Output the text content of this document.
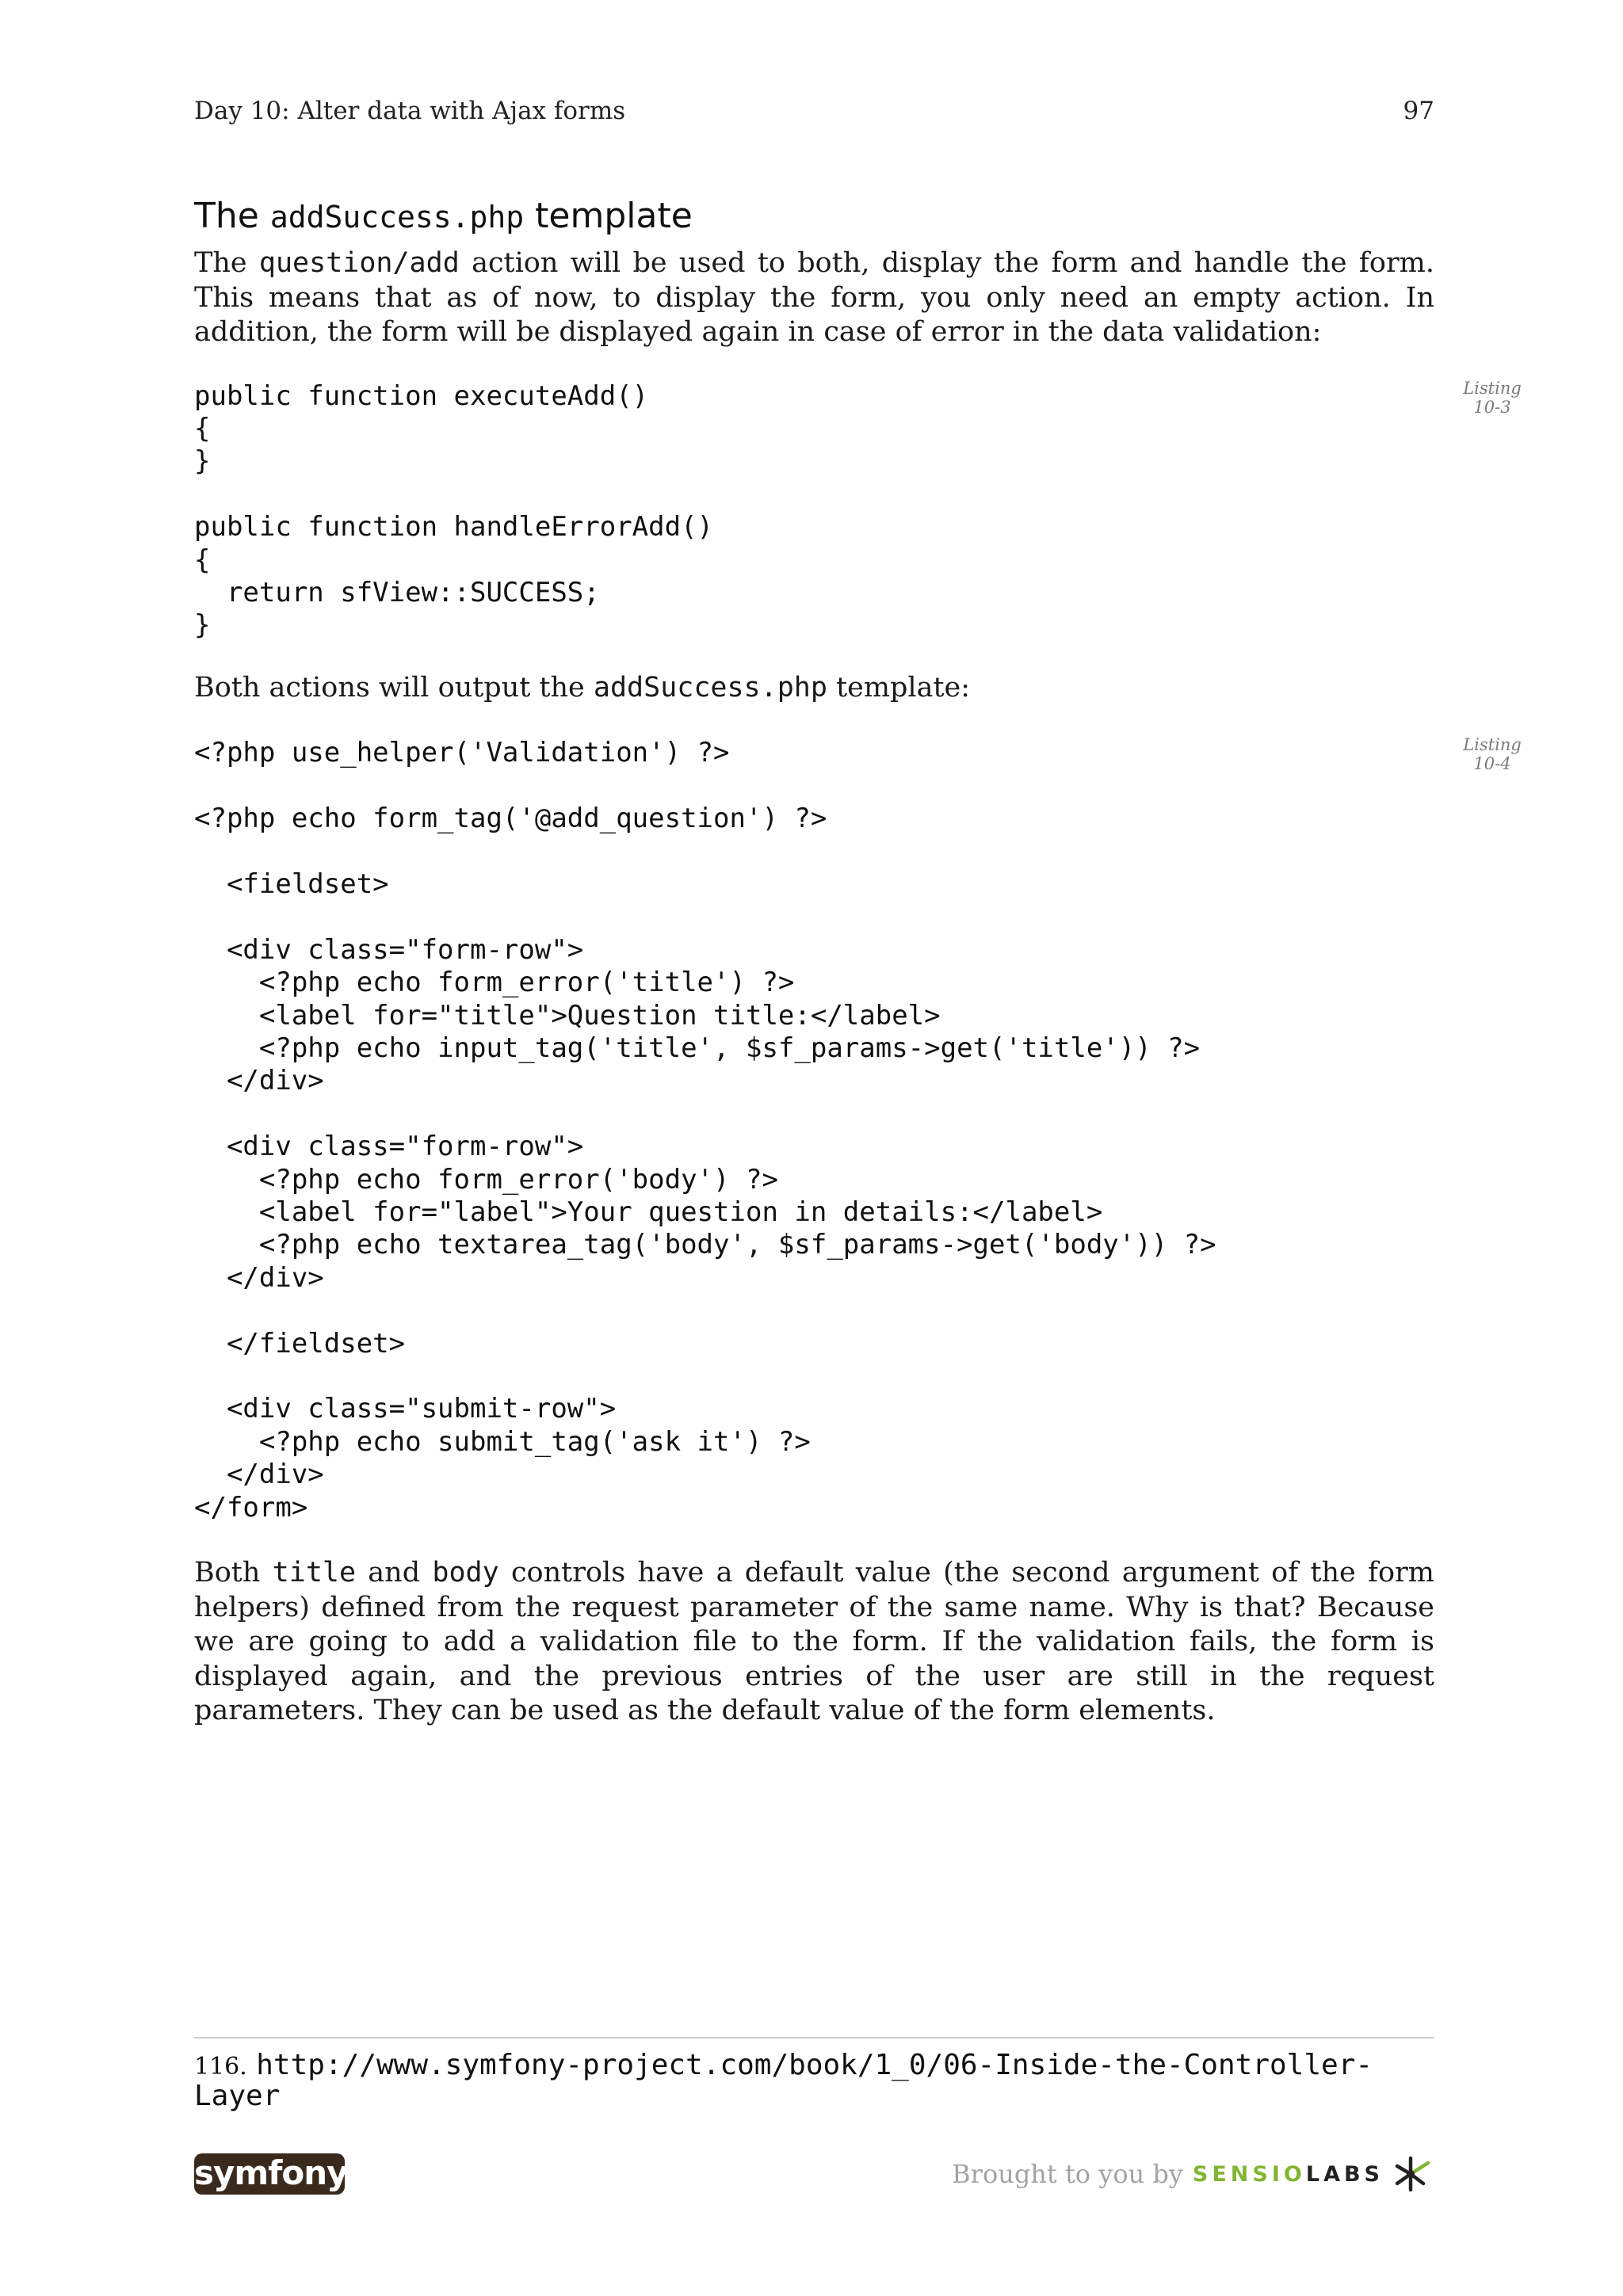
Day 10: Alter data with Ajax forms	97
The addSuccess.php template

The question/add action will be used to both, display the form and handle the form. This means that as of now, to display the form, you only need an empty action. In addition, the form will be displayed again in case of error in the data validation:

Listing
10-3
public function executeAdd()
{
}

public function handleErrorAdd()
{
return sfView::SUCCESS;
}

Both actions will output the addSuccess.php template:

Listing
10-4
<?php use_helper('Validation') ?>

<?php echo form_tag('@add_question') ?>

<fieldset>

<div class="form-row">
<?php echo form_error('title') ?>
<label for="title">Question title:</label>
<?php echo input_tag('title', $sf_params->get('title')) ?>
</div>

<div class="form-row">
<?php echo form_error('body') ?>
<label for="label">Your question in details:</label>
<?php echo textarea_tag('body', $sf_params->get('body')) ?>
</div>

</fieldset>

<div class="submit-row">
<?php echo submit_tag('ask it') ?>
</div>
</form>

Both title and body controls have a default value (the second argument of the form helpers) defined from the request parameter of the same name. Why is that? Because we are going to add a validation file to the form. If the validation fails, the form is displayed again, and the previous entries of the user are still in the request parameters. They can be used as the default value of the form elements.

116. http://www.symfony-project.com/book/1_0/06-Inside-the-Controller-Layer
symfony	Brought to you by SENSIOLABS
